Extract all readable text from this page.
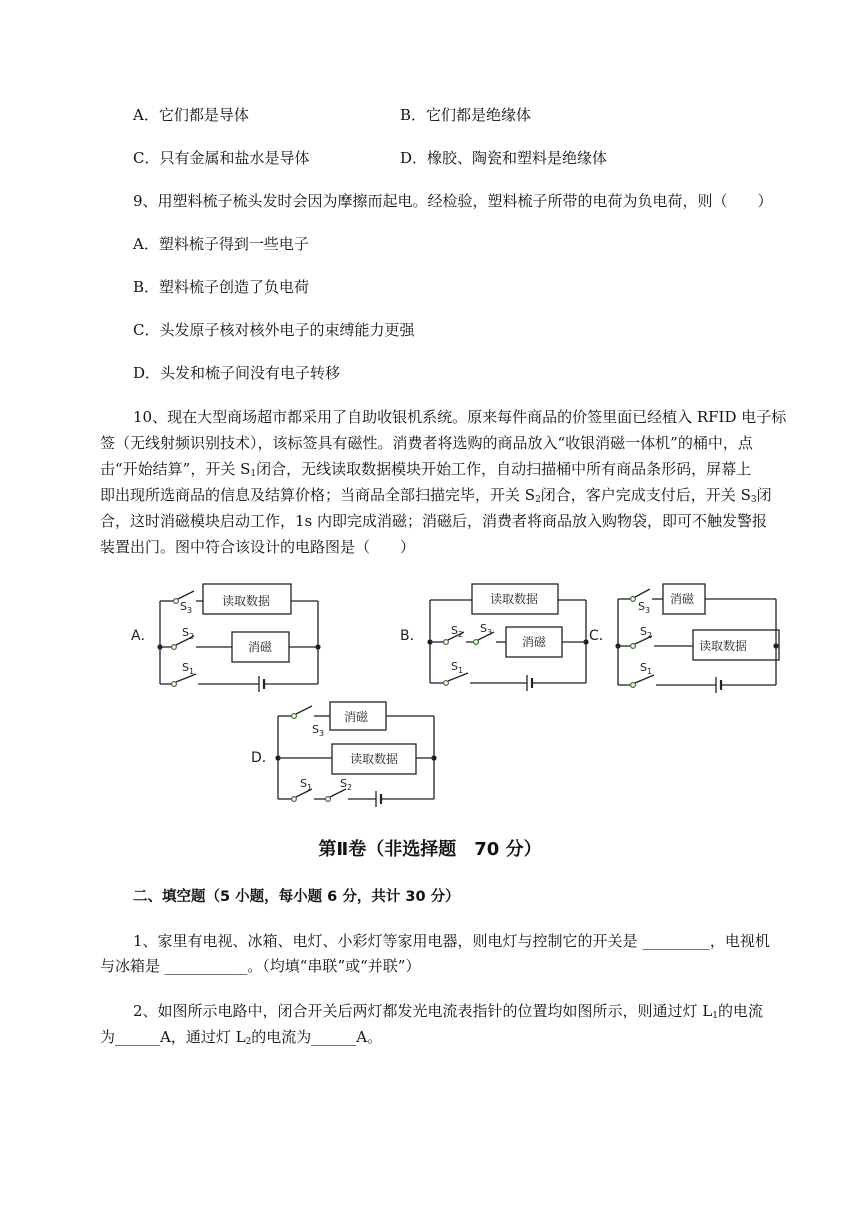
A．它们都是导体	B．它们都是绝缘体
C．只有金属和盐水是导体	D．橡胶、陶瓷和塑料是绝缘体
9、用塑料梳子梳头发时会因为摩擦而起电。经检验，塑料梳子所带的电荷为负电荷，则（　　）
A．塑料梳子得到一些电子
B．塑料梳子创造了负电荷
C．头发原子核对核外电子的束缚能力更强
D．头发和梳子间没有电子转移
10、现在大型商场超市都采用了自助收银机系统。原来每件商品的价签里面已经植入 RFID 电子标
签（无线射频识别技术），该标签具有磁性。消费者将选购的商品放入“收银消磁一体机”的桶中，点
击“开始结算”，开关 $S_1$闭合，无线读取数据模块开始工作，自动扫描桶中所有商品条形码，屏幕上
即出现所选商品的信息及结算价格；当商品全部扫描完毕，开关 $S_2$闭合，客户完成支付后，开关 $S_3$闭
合，这时消磁模块启动工作，1s 内即完成消磁；消磁后，消费者将商品放入购物袋，即可不触发警报
装置出门。图中符合该设计的电路图是（　　）
A．	B．	C．
D．
读取数据
消磁
读取数据
消磁
消磁
读取数据
消磁
读取数据
$S_3$
$S_2$
$S_1$
$S_2$ $S_3$
$S_1$
$S_3$
$S_2$
$S_1$
$S_3$
$S_1$	$S_2$
第Ⅱ卷（非选择题　70 分）
二、填空题（5 小题，每小题 6 分，共计 30 分）
1、家里有电视、冰箱、电灯、小彩灯等家用电器，则电灯与控制它的开关是 _________，电视机
与冰箱是 ___________。（均填“串联”或“并联”）
2、如图所示电路中，闭合开关后两灯都发光电流表指针的位置均如图所示，则通过灯 $L_1$的电流
为______A，通过灯 $L_2$的电流为______A。
